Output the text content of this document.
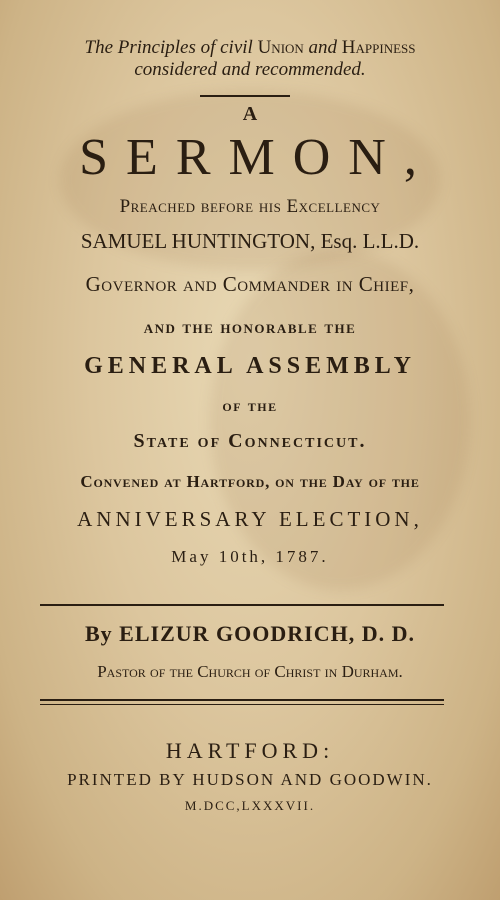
The Principles of civil Union and Happiness
considered and recommended.
A
SERMON,
Preached before his Excellency
SAMUEL HUNTINGTON, Esq. L.L.D.
Governor and Commander in Chief,
and the honorable the
GENERAL ASSEMBLY
of the
State of Connecticut.
Convened at Hartford, on the Day of the
ANNIVERSARY ELECTION,
May 10th, 1787.
By ELIZUR GOODRICH, D. D.
Pastor of the Church of Christ in Durham.
HARTFORD:
PRINTED BY HUDSON AND GOODWIN.
M.DCC,LXXXVII.
